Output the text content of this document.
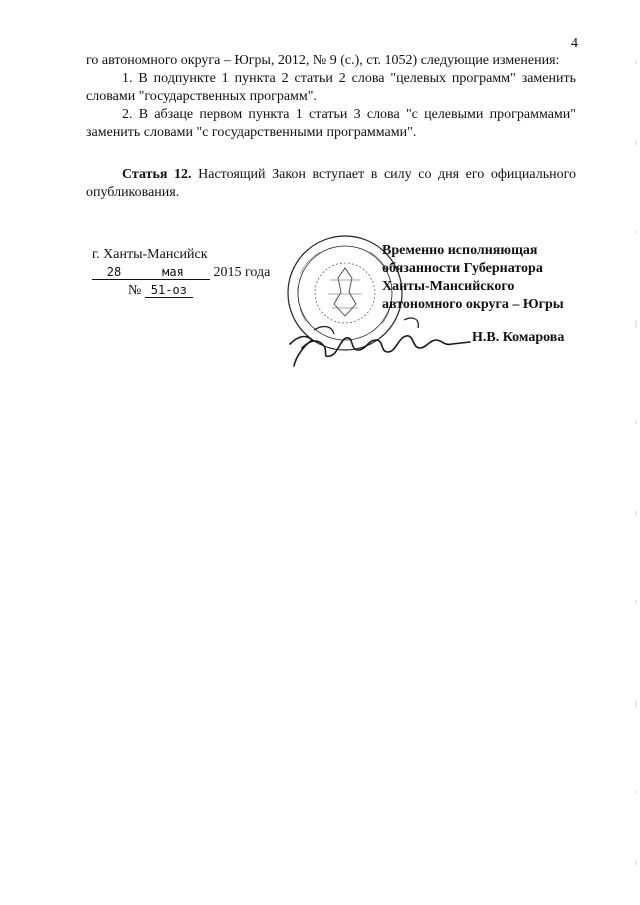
4

го автономного округа – Югры, 2012, № 9 (с.), ст. 1052) следующие изменения:

1. В подпункте 1 пункта 2 статьи 2 слова "целевых программ" заменить словами "государственных программ".

2. В абзаце первом пункта 1 статьи 3 слова "с целевыми программами" заменить словами "с государственными программами".

Статья 12. Настоящий Закон вступает в силу со дня его официального опубликования.

г. Ханты-Мансийск
28	мая 2015 года
№ 51-оз
Временно исполняющая
обязанности Губернатора
Ханты-Мансийского
автономного округа – Югры
Н.В. Комарова
